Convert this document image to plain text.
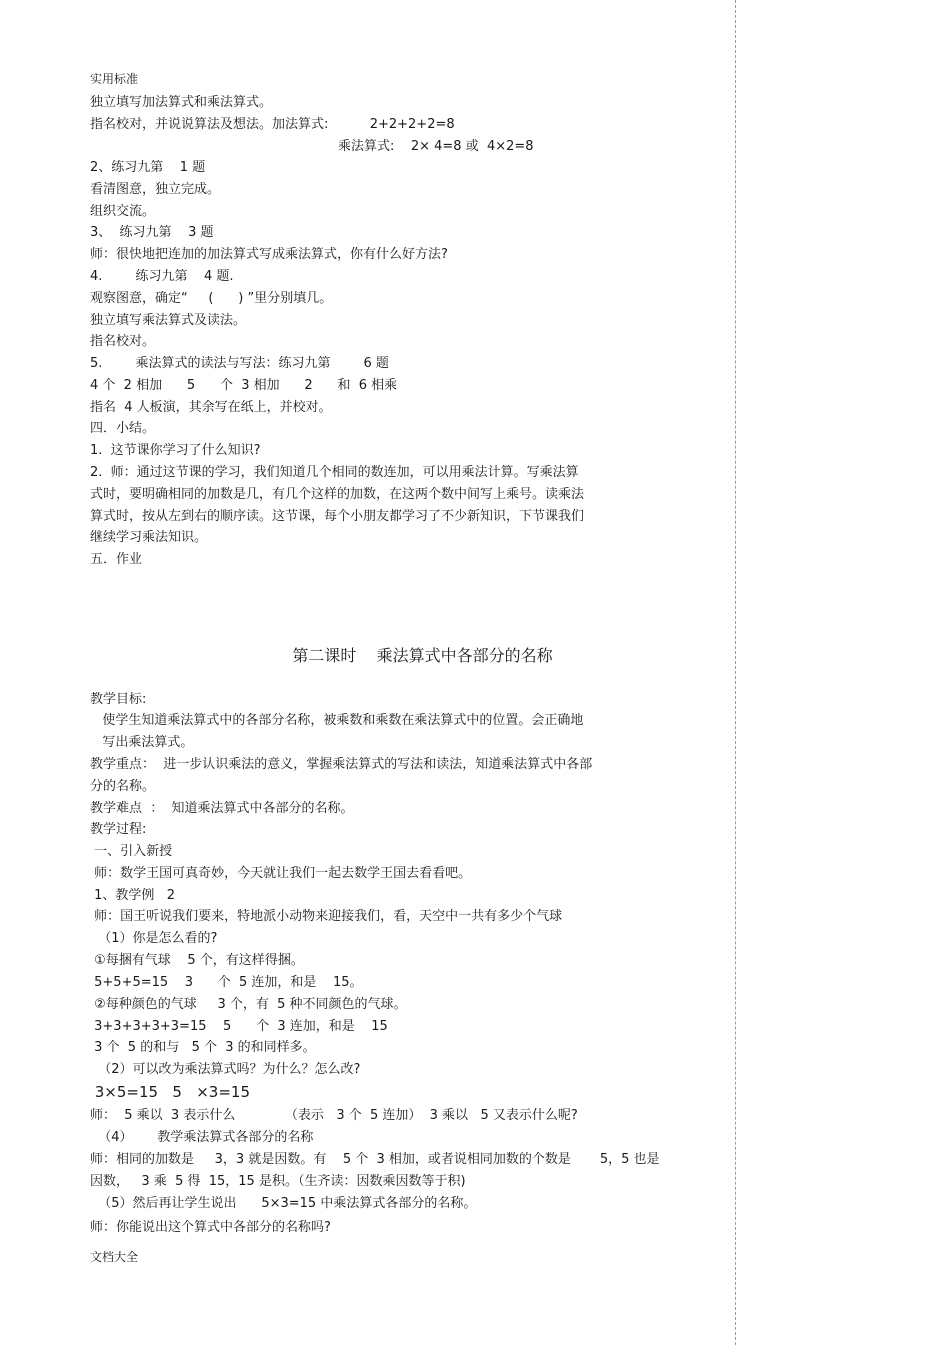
实用标准
独立填写加法算式和乘法算式。
指名校对，并说说算法及想法。加法算式:          2+2+2+2=8
乘法算式:    2× 4=8 或  4×2=8
2、练习九第    1 题
看清图意，独立完成。
组织交流。
3、  练习九第    3 题
师：很快地把连加的加法算式写成乘法算式，你有什么好方法?
4.        练习九第    4 题.
观察图意，确定“     (      ) ”里分别填几。
独立填写乘法算式及读法。
指名校对。
5.        乘法算式的读法与写法：练习九第        6 题
4 个  2 相加      5      个  3 相加      2      和  6 相乘
指名  4 人板演，其余写在纸上，并校对。
四．小结。
1.  这节课你学习了什么知识?
2.  师：通过这节课的学习，我们知道几个相同的数连加，可以用乘法计算。写乘法算
式时，要明确相同的加数是几，有几个这样的加数，在这两个数中间写上乘号。读乘法
算式时，按从左到右的顺序读。这节课，每个小朋友都学习了不少新知识，下节课我们
继续学习乘法知识。
五．作业
第二课时    乘法算式中各部分的名称
教学目标:
使学生知道乘法算式中的各部分名称，被乘数和乘数在乘法算式中的位置。会正确地
写出乘法算式。
教学重点：  进一步认识乘法的意义，掌握乘法算式的写法和读法，知道乘法算式中各部
分的名称。
教学难点  ：  知道乘法算式中各部分的名称。
教学过程:
一、引入新授
师：数学王国可真奇妙，今天就让我们一起去数学王国去看看吧。
1、教学例   2
师：国王听说我们要来，特地派小动物来迎接我们，看，天空中一共有多少个气球
（1）你是怎么看的?
①每捆有气球    5 个，有这样得捆。
5+5+5=15    3      个  5 连加，和是    15。
②每种颜色的气球     3 个，有  5 种不同颜色的气球。
3+3+3+3+3=15    5      个  3 连加，和是    15
3 个  5 的和与   5 个  3 的和同样多。
（2）可以改为乘法算式吗？为什么？怎么改?
3×5=15   5   ×3=15
师：  5 乘以  3 表示什么            （表示   3 个  5 连加）  3 乘以   5 又表示什么呢?
（4）      教学乘法算式各部分的名称
师：相同的加数是     3，3 就是因数。有    5 个  3 相加，或者说相同加数的个数是       5，5 也是
因数，   3 乘  5 得  15，15 是积。（生齐读：因数乘因数等于积)
（5）然后再让学生说出      5×3=15 中乘法算式各部分的名称。
师：你能说出这个算式中各部分的名称吗?
文档大全
